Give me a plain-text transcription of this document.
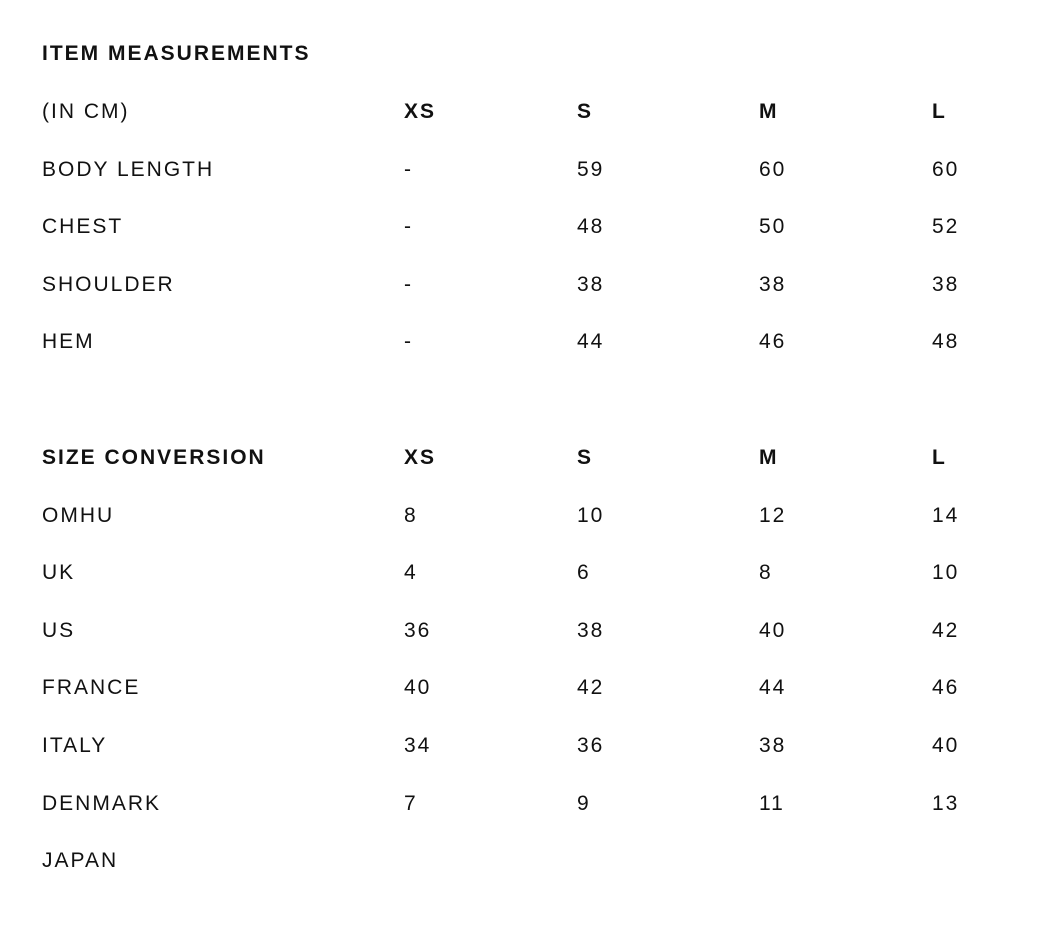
ITEM MEASUREMENTS
(IN CM)	XS	S	M	L
BODY LENGTH	-	59	60	60
CHEST	-	48	50	52
SHOULDER	-	38	38	38
HEM	-	44	46	48
SIZE CONVERSION	XS	S	M	L
OMHU	8	10	12	14
UK	4	6	8	10
US	36	38	40	42
FRANCE	40	42	44	46
ITALY	34	36	38	40
DENMARK	7	9	11	13
JAPAN
